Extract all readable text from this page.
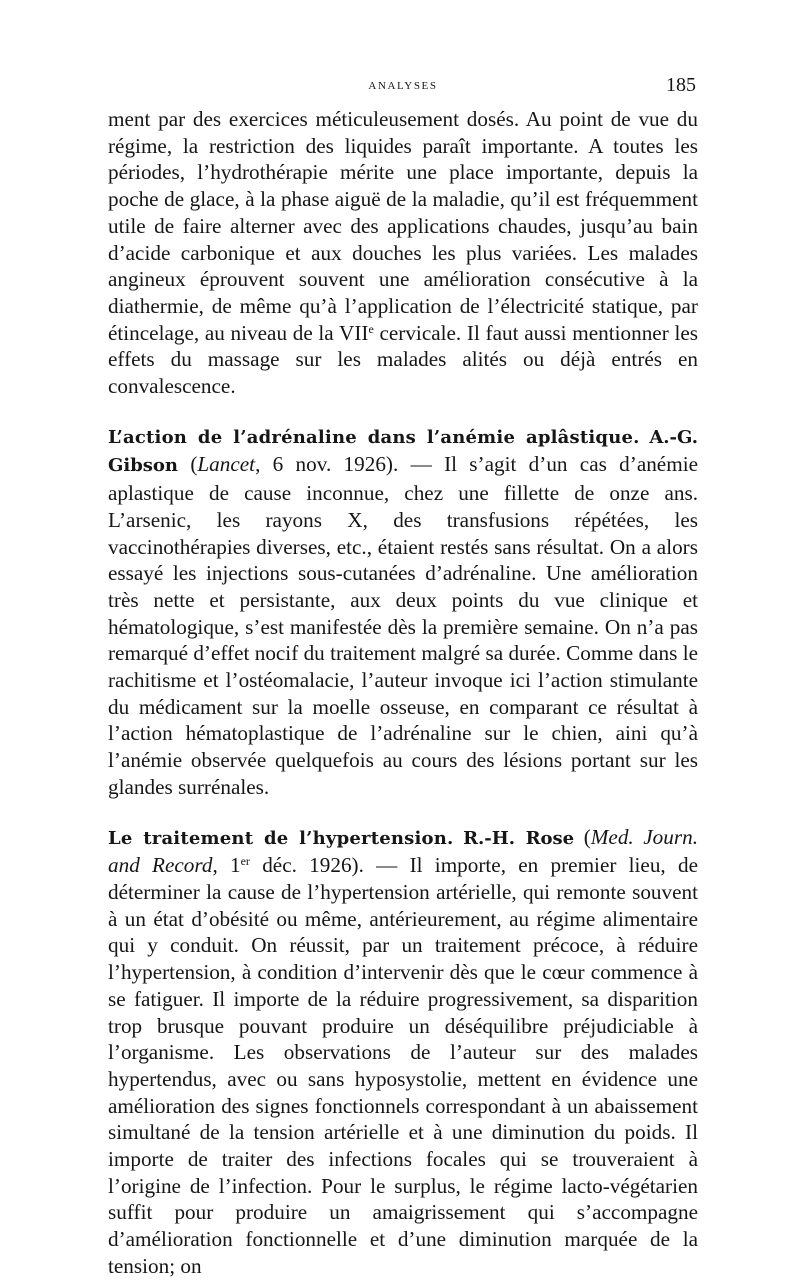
ANALYSES	185

ment par des exercices méticuleusement dosés. Au point de vue du régime, la restriction des liquides paraît importante. A toutes les périodes, l’hydrothérapie mérite une place importante, depuis la poche de glace, à la phase aiguë de la maladie, qu’il est fréquemment utile de faire alterner avec des applications chaudes, jusqu’au bain d’acide carbonique et aux douches les plus variées. Les malades angineux éprouvent souvent une amélioration consécutive à la diathermie, de même qu’à l’application de l’électricité statique, par étincelage, au niveau de la VIIe cervicale. Il faut aussi mentionner les effets du massage sur les malades alités ou déjà entrés en convalescence.

L’action de l’adrénaline dans l’anémie aplâstique. A.-G. Gibson (Lancet, 6 nov. 1926). — Il s’agit d’un cas d’anémie aplastique de cause inconnue, chez une fillette de onze ans. L’arsenic, les rayons X, des transfusions répétées, les vaccinothérapies diverses, etc., étaient restés sans résultat. On a alors essayé les injections sous-cutanées d’adrénaline. Une amélioration très nette et persistante, aux deux points du vue clinique et hématologique, s’est manifestée dès la première semaine. On n’a pas remarqué d’effet nocif du traitement malgré sa durée. Comme dans le rachitisme et l’ostéomalacie, l’auteur invoque ici l’action stimulante du médicament sur la moelle osseuse, en comparant ce résultat à l’action hématoplastique de l’adrénaline sur le chien, aini qu’à l’anémie observée quelquefois au cours des lésions portant sur les glandes surrénales.

Le traitement de l’hypertension. R.-H. Rose (Med. Journ. and Record, 1er déc. 1926). — Il importe, en premier lieu, de déterminer la cause de l’hypertension artérielle, qui remonte souvent à un état d’obésité ou même, antérieurement, au régime alimentaire qui y conduit. On réussit, par un traitement précoce, à réduire l’hypertension, à condition d’intervenir dès que le cœur commence à se fatiguer. Il importe de la réduire progressivement, sa disparition trop brusque pouvant produire un déséquilibre préjudiciable à l’organisme. Les observations de l’auteur sur des malades hypertendus, avec ou sans hyposystolie, mettent en évidence une amélioration des signes fonctionnels correspondant à un abaissement simultané de la tension artérielle et à une diminution du poids. Il importe de traiter des infections focales qui se trouveraient à l’origine de l’infection. Pour le surplus, le régime lacto-végétarien suffit pour produire un amaigrissement qui s’accompagne d’amélioration fonctionnelle et d’une diminution marquée de la tension; on
